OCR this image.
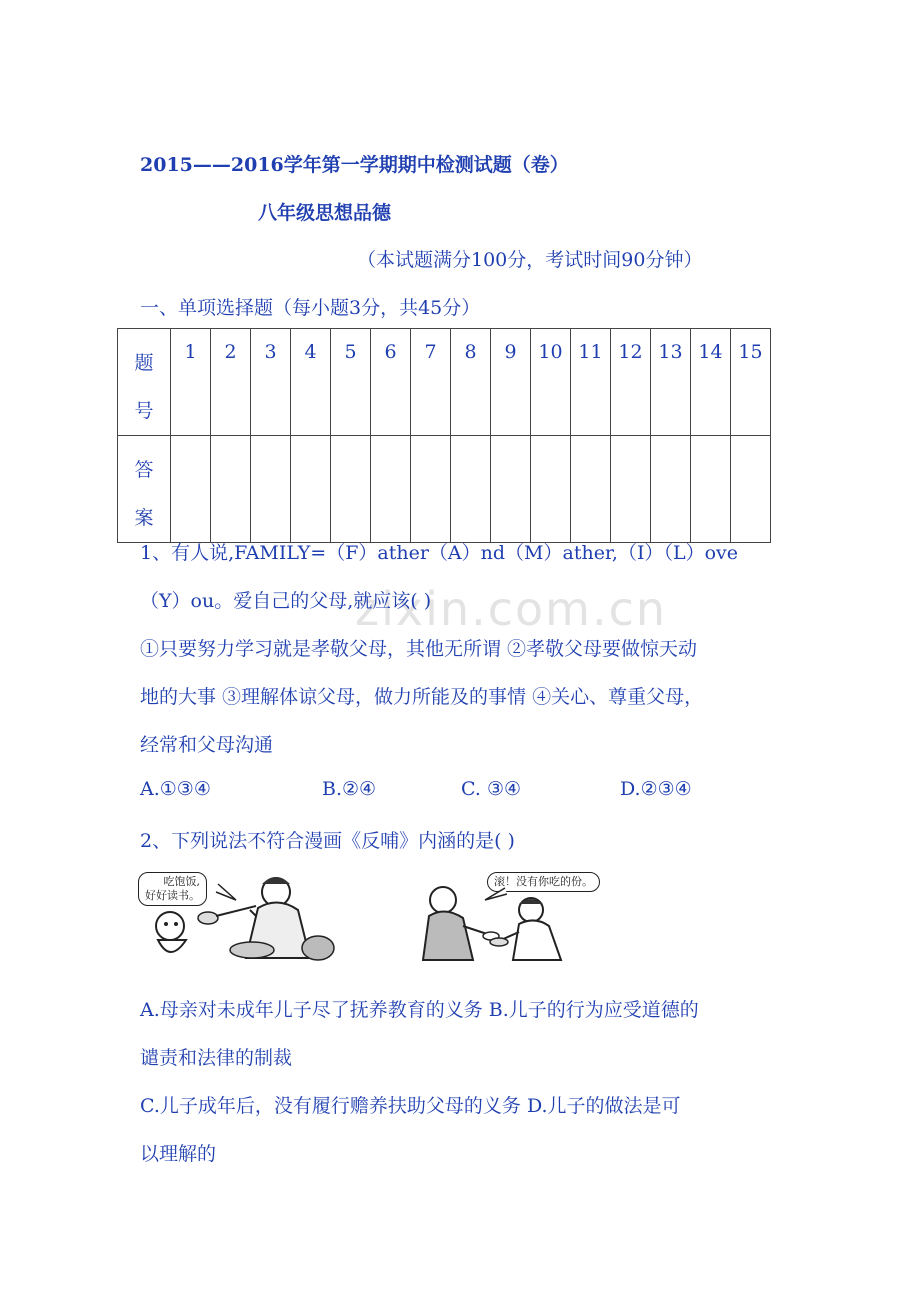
2015——2016学年第一学期期中检测试题（卷）
八年级思想品德
（本试题满分100分，考试时间90分钟）
一、单项选择题（每小题3分，共45分）
题
号	1	2	3	4	5	6	7	8	9	10	11	12	13	14	15

答
案															

zixin.com.cn
1、有人说,FAMILY=（F）ather（A）nd（M）ather,（I）（L）ove
（Y）ou。爱自己的父母,就应该( )
①只要努力学习就是孝敬父母，其他无所谓 ②孝敬父母要做惊天动
地的大事 ③理解体谅父母，做力所能及的事情 ④关心、尊重父母，
经常和父母沟通
A.①③④	B.②④	C. ③④	D.②③④
2、下列说法不符合漫画《反哺》内涵的是( )
吃饱饭,
好好读书。
滚！没有你吃的份。
A.母亲对未成年儿子尽了抚养教育的义务 B.儿子的行为应受道德的
谴责和法律的制裁
C.儿子成年后，没有履行赡养扶助父母的义务 D.儿子的做法是可
以理解的
